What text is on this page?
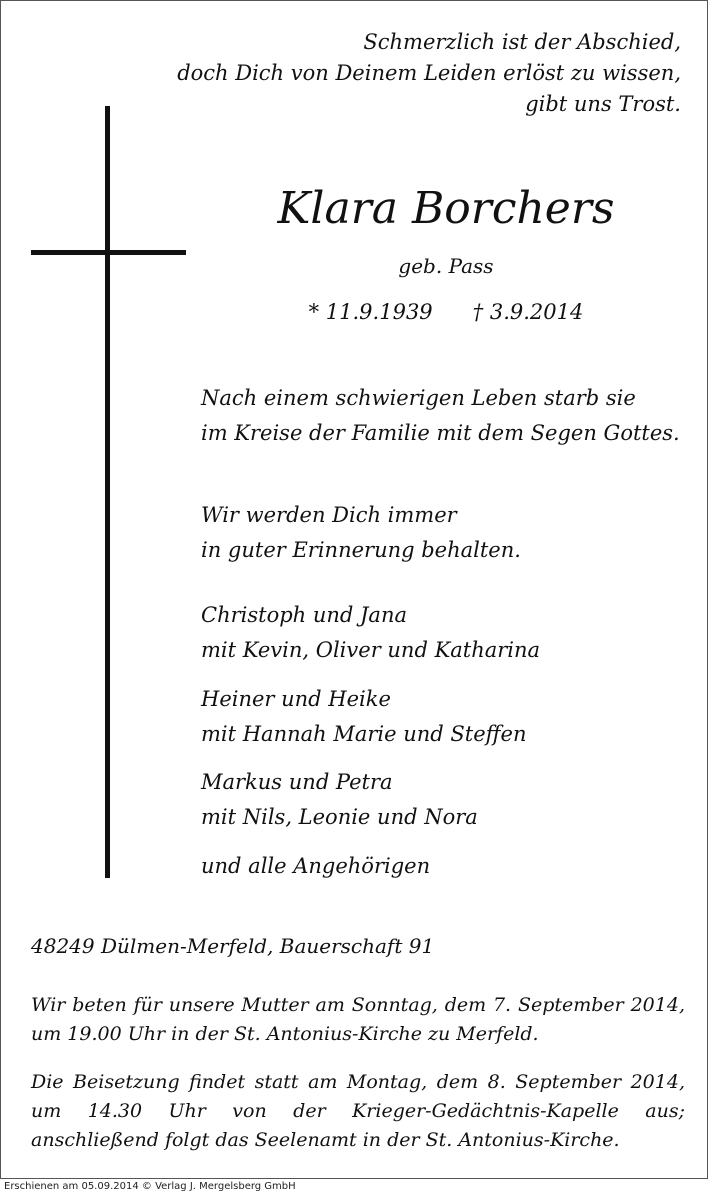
Schmerzlich ist der Abschied,
doch Dich von Deinem Leiden erlöst zu wissen,
gibt uns Trost.
Klara Borchers
geb. Pass
* 11.9.1939 † 3.9.2014
Nach einem schwierigen Leben starb sie
im Kreise der Familie mit dem Segen Gottes.
Wir werden Dich immer
in guter Erinnerung behalten.
Christoph und Jana
mit Kevin, Oliver und Katharina
Heiner und Heike
mit Hannah Marie und Steffen
Markus und Petra
mit Nils, Leonie und Nora
und alle Angehörigen
48249 Dülmen-Merfeld, Bauerschaft 91
Wir beten für unsere Mutter am Sonntag, dem 7. September 2014, um 19.00 Uhr in der St. Antonius-Kirche zu Merfeld.
Die Beisetzung findet statt am Montag, dem 8. September 2014, um 14.30 Uhr von der Krieger-Gedächtnis-Kapelle aus; anschließend folgt das Seelenamt in der St. Antonius-Kirche.
Erschienen am 05.09.2014 © Verlag J. Mergelsberg GmbH
